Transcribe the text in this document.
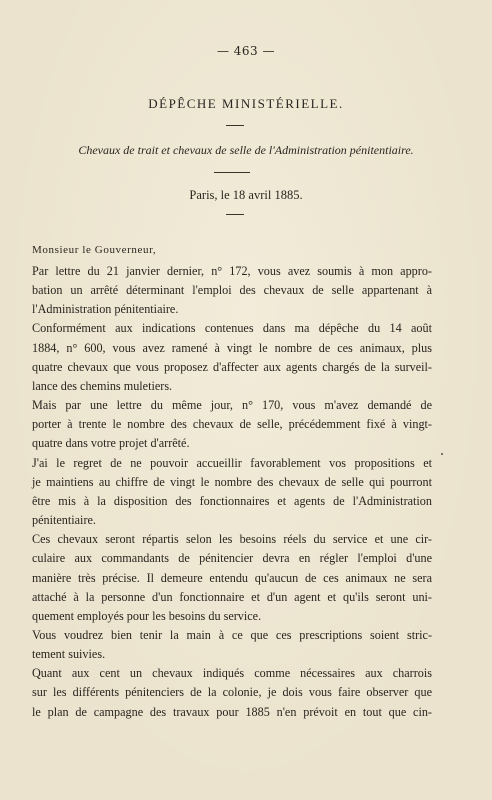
— 463 —
DÉPÊCHE MINISTÉRIELLE.
Chevaux de trait et chevaux de selle de l'Administration pénitentiaire.
Paris, le 18 avril 1885.
Monsieur le Gouverneur,

Par lettre du 21 janvier dernier, n° 172, vous avez soumis à mon appro-
bation un arrêté déterminant l'emploi des chevaux de selle appartenant à
l'Administration pénitentiaire.

Conformément aux indications contenues dans ma dépêche du 14 août
1884, n° 600, vous avez ramené à vingt le nombre de ces animaux, plus
quatre chevaux que vous proposez d'affecter aux agents chargés de la surveil-
lance des chemins muletiers.

Mais par une lettre du même jour, n° 170, vous m'avez demandé de
porter à trente le nombre des chevaux de selle, précédemment fixé à vingt-
quatre dans votre projet d'arrêté.

J'ai le regret de ne pouvoir accueillir favorablement vos propositions et
je maintiens au chiffre de vingt le nombre des chevaux de selle qui pourront
être mis à la disposition des fonctionnaires et agents de l'Administration
pénitentiaire.

Ces chevaux seront répartis selon les besoins réels du service et une cir-
culaire aux commandants de pénitencier devra en régler l'emploi d'une
manière très précise. Il demeure entendu qu'aucun de ces animaux ne sera
attaché à la personne d'un fonctionnaire et d'un agent et qu'ils seront uni-
quement employés pour les besoins du service.

Vous voudrez bien tenir la main à ce que ces prescriptions soient stric-
tement suivies.

Quant aux cent un chevaux indiqués comme nécessaires aux charrois
sur les différents pénitenciers de la colonie, je dois vous faire observer que
le plan de campagne des travaux pour 1885 n'en prévoit en tout que cin-
